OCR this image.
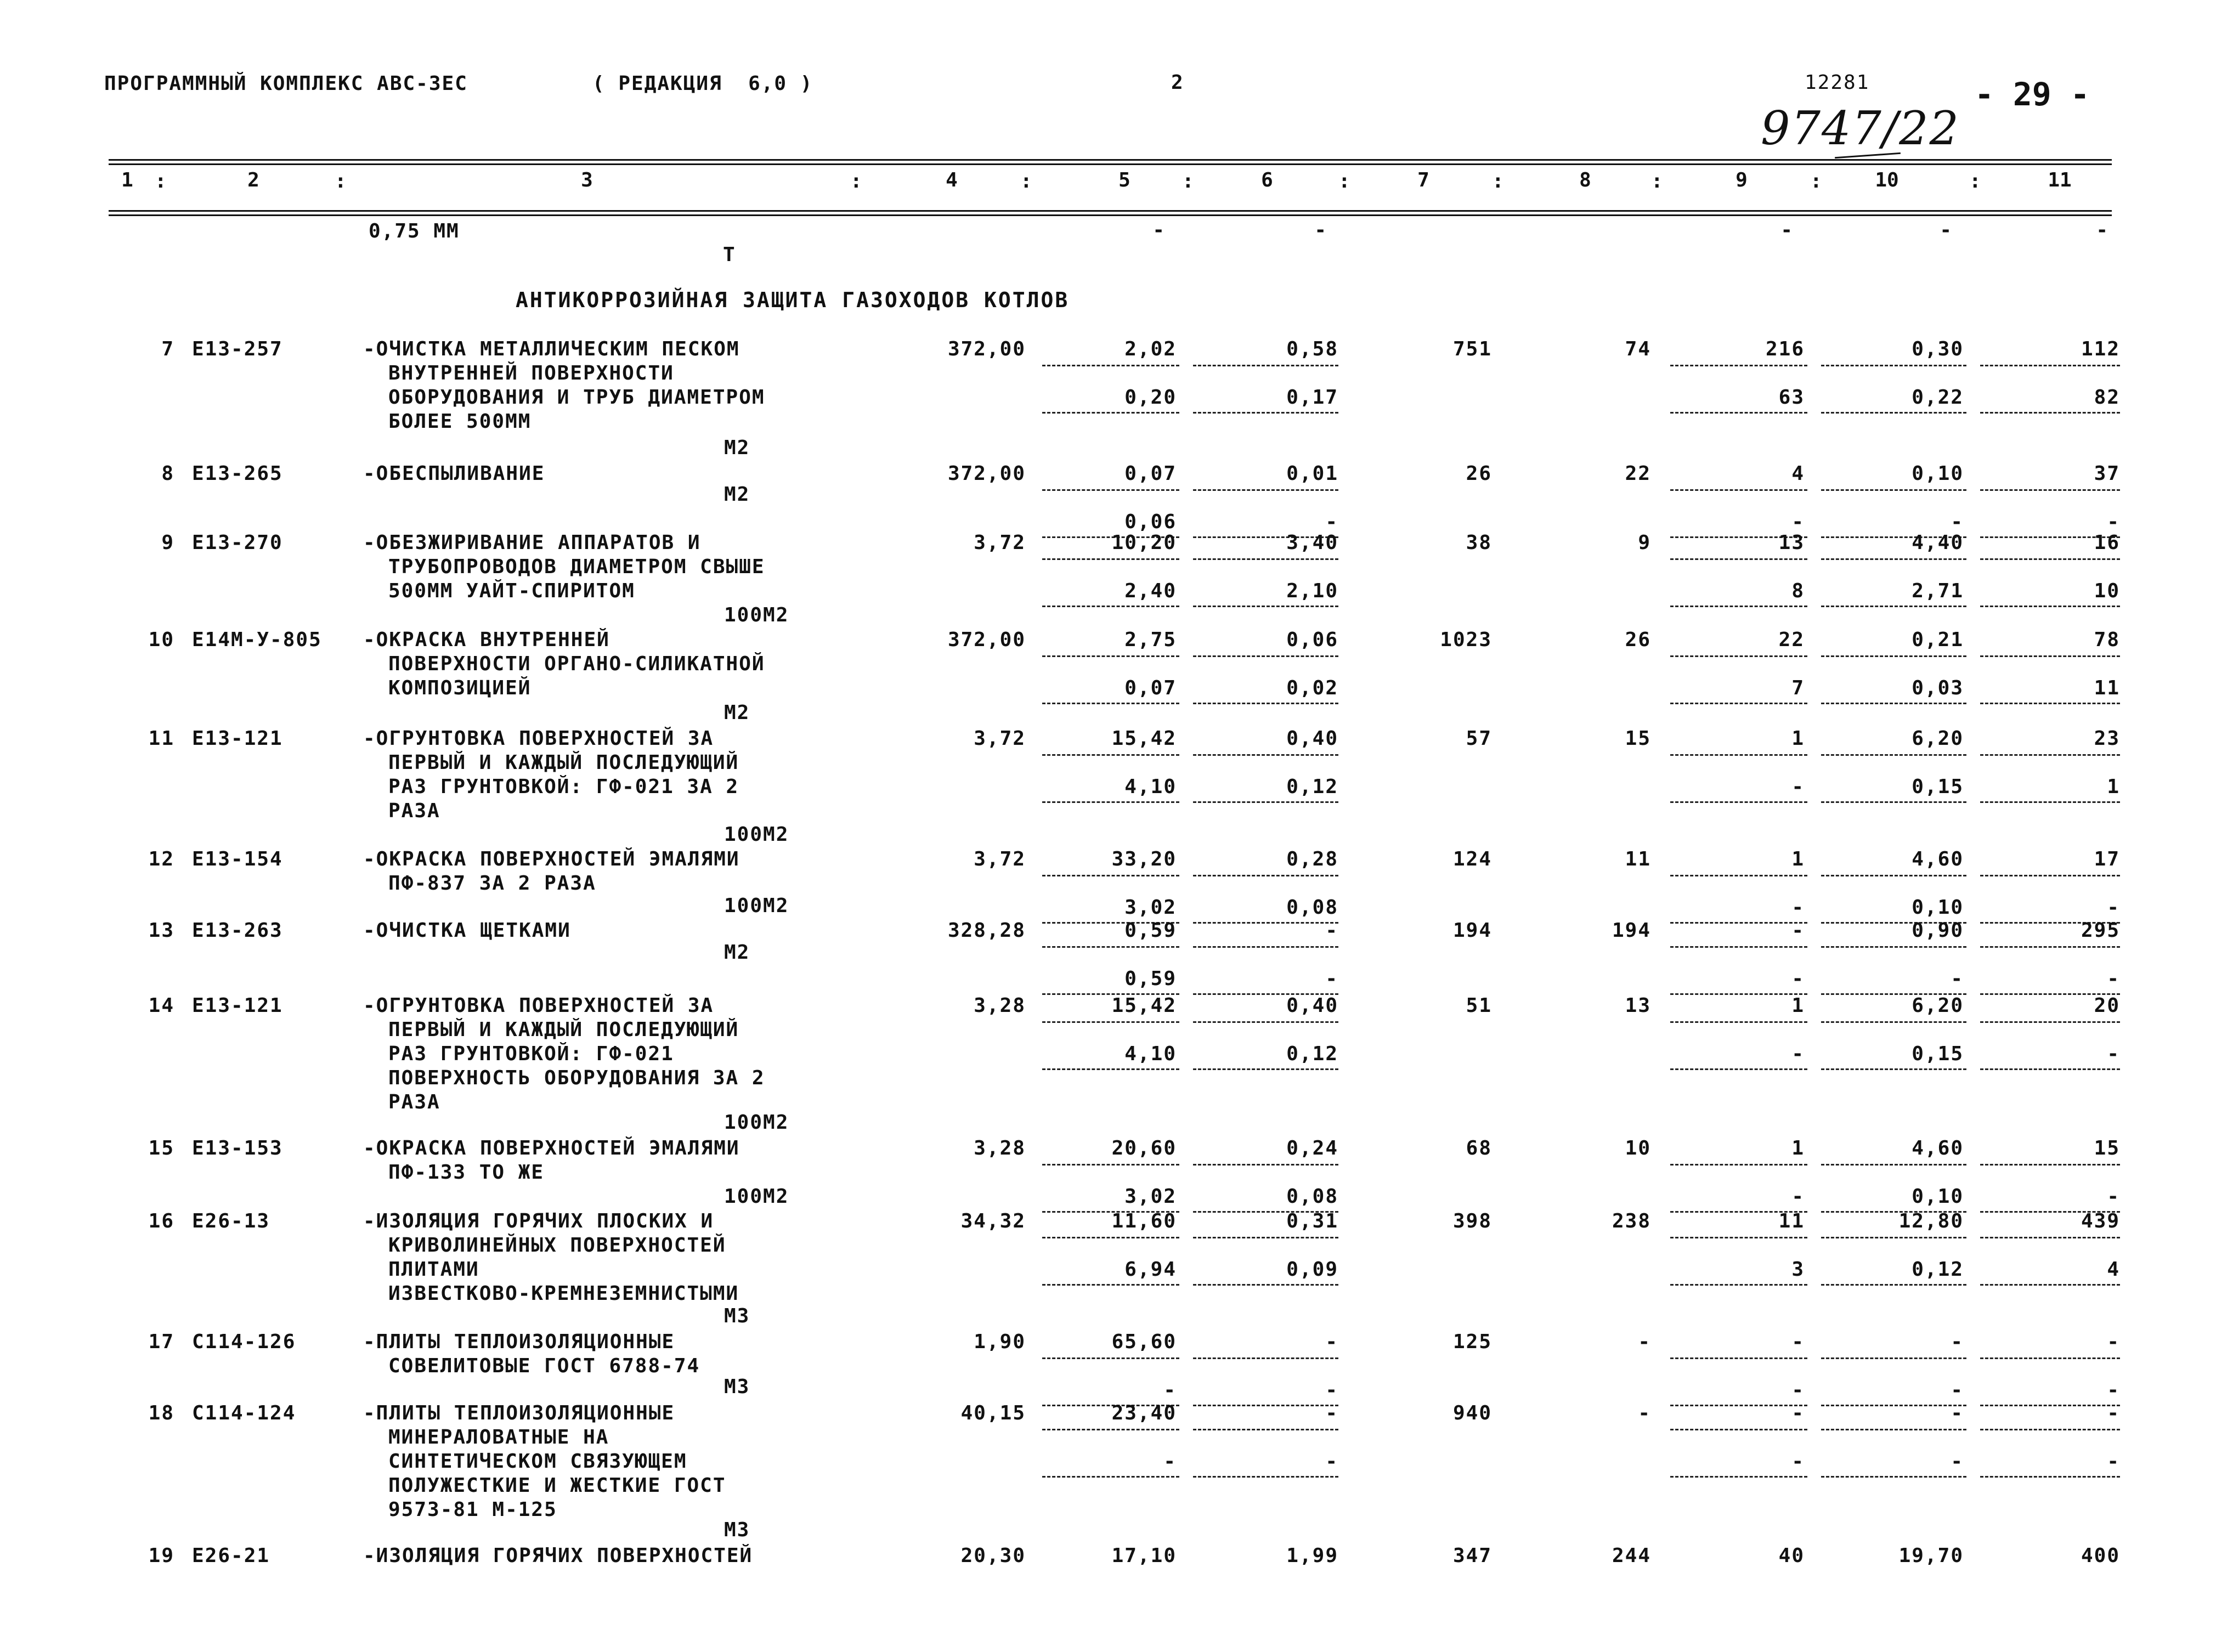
ПРОГРАММНЫЙ КОМПЛЕКС АВС-ЗЕС	( РЕДАКЦИЯ  6,0 )	2	12281	- 29 -
9747/22
1	2	3	4	5	6	7	8	9	10	11
:	:	:	:	:	:	:	:	:	:
0,75 ММ
Т
-	-	-	-	-
7 Е13-257	-ОЧИСТКА МЕТАЛЛИЧЕСКИМ ПЕСКОМ
ВНУТРЕННЕЙ ПОВЕРХНОСТИ
ОБОРУДОВАНИЯ И ТРУБ ДИАМЕТРОМ
БОЛЕЕ 500ММ
М2
372,00	2,02	0,58	751	74	216	0,30	112
0,20	0,17	63	0,22	82
8 Е13-265	-ОБЕСПЫЛИВАНИЕ
М2
372,00	0,07	0,01	26	22	4	0,10	37
0,06	-	-	-	-
9 Е13-270	-ОБЕЗЖИРИВАНИЕ АППАРАТОВ И
ТРУБОПРОВОДОВ ДИАМЕТРОМ СВЫШЕ
500ММ УАЙТ-СПИРИТОМ
100М2
3,72	10,20	3,40	38	9	13	4,40	16
2,40	2,10	8	2,71	10
10 Е14М-У-805 -ОКРАСКА ВНУТРЕННЕЙ
ПОВЕРХНОСТИ ОРГАНО-СИЛИКАТНОЙ
КОМПОЗИЦИЕЙ
М2
372,00	2,75	0,06	1023	26	22	0,21	78
0,07	0,02	7	0,03	11
11 Е13-121	-ОГРУНТОВКА ПОВЕРХНОСТЕЙ ЗА
ПЕРВЫЙ И КАЖДЫЙ ПОСЛЕДУЮЩИЙ
РАЗ ГРУНТОВКОЙ: ГФ-021 ЗА 2
РАЗА
100М2
3,72	15,42	0,40	57	15	1	6,20	23
4,10	0,12	-	0,15	1
12 Е13-154	-ОКРАСКА ПОВЕРХНОСТЕЙ ЭМАЛЯМИ
ПФ-837 ЗА 2 РАЗА
100М2
3,72	33,20	0,28	124	11	1	4,60	17
3,02	0,08	-	0,10	-
13 Е13-263	-ОЧИСТКА ЩЕТКАМИ
М2
328,28	0,59	-	194	194	-	0,90	295
0,59	-	-	-	-
14 Е13-121	-ОГРУНТОВКА ПОВЕРХНОСТЕЙ ЗА
ПЕРВЫЙ И КАЖДЫЙ ПОСЛЕДУЮЩИЙ
РАЗ ГРУНТОВКОЙ: ГФ-021
ПОВЕРХНОСТЬ ОБОРУДОВАНИЯ ЗА 2
РАЗА
100М2
3,28	15,42	0,40	51	13	1	6,20	20
4,10	0,12	-	0,15	-
15 Е13-153	-ОКРАСКА ПОВЕРХНОСТЕЙ ЭМАЛЯМИ
ПФ-133 ТО ЖЕ
100М2
3,28	20,60	0,24	68	10	1	4,60	15
3,02	0,08	-	0,10	-
16 Е26-13	-ИЗОЛЯЦИЯ ГОРЯЧИХ ПЛОСКИХ И
КРИВОЛИНЕЙНЫХ ПОВЕРХНОСТЕЙ
ПЛИТАМИ
ИЗВЕСТКОВО-КРЕМНЕЗЕМНИСТЫМИ
М3
34,32	11,60	0,31	398	238	11	12,80	439
6,94	0,09	3	0,12	4
17 С114-126	-ПЛИТЫ ТЕПЛОИЗОЛЯЦИОННЫЕ
СОВЕЛИТОВЫЕ ГОСТ 6788-74
М3
1,90	65,60	-	125	-	-	-	-
-	-	-	-	-
18 С114-124	-ПЛИТЫ ТЕПЛОИЗОЛЯЦИОННЫЕ
МИНЕРАЛОВАТНЫЕ НА
СИНТЕТИЧЕСКОМ СВЯЗУЮЩЕМ
ПОЛУЖЕСТКИЕ И ЖЕСТКИЕ ГОСТ
9573-81 М-125
М3
40,15	23,40	-	940	-	-	-	-
-	-	-	-	-
19 Е26-21	-ИЗОЛЯЦИЯ ГОРЯЧИХ ПОВЕРХНОСТЕЙ	20,30	17,10	1,99	347	244	40	19,70	400
АНТИКОРРОЗИЙНАЯ ЗАЩИТА ГАЗОХОДОВ КОТЛОВ
